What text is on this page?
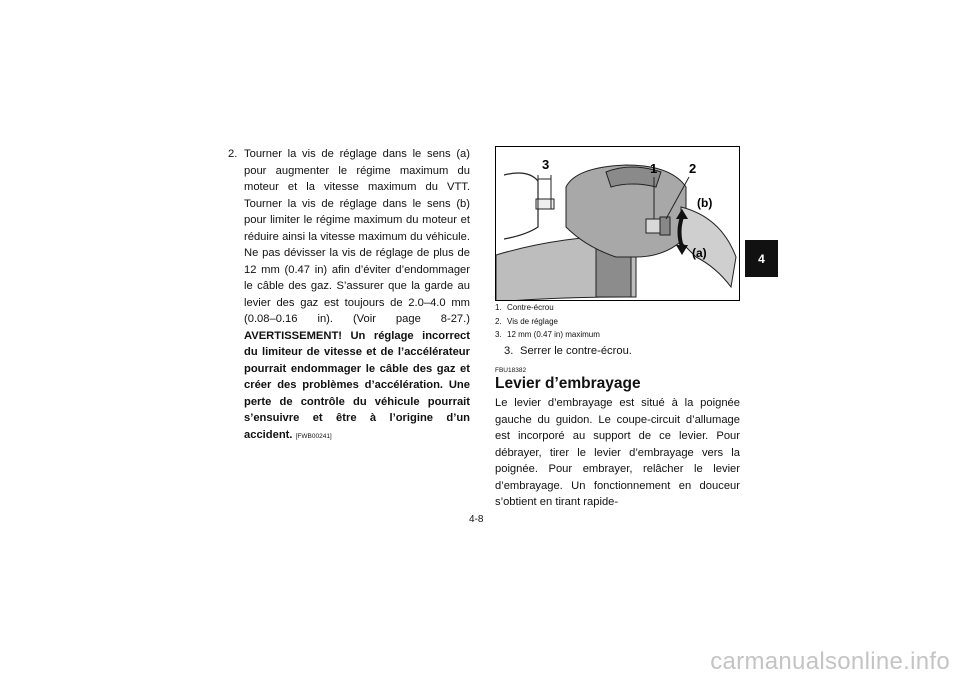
2. Tourner la vis de réglage dans le sens (a) pour augmenter le régime maximum du moteur et la vitesse maximum du VTT. Tourner la vis de réglage dans le sens (b) pour limiter le régime maximum du moteur et réduire ainsi la vitesse maximum du véhicule. Ne pas dévisser la vis de réglage de plus de 12 mm (0.47 in) afin d’éviter d’endommager le câble des gaz. S’assurer que la garde au levier des gaz est toujours de 2.0–4.0 mm (0.08–0.16 in). (Voir page 8-27.) AVERTISSEMENT! Un réglage incorrect du limiteur de vitesse et de l’accélérateur pourrait endommager le câble des gaz et créer des problèmes d’accélération. Une perte de contrôle du véhicule pourrait s’ensuivre et être à l’origine d’un accident. [FWB00241]
3	1 2
(b)
(a)
1. Contre-écrou
2. Vis de réglage
3. 12 mm (0.47 in) maximum
3. Serrer le contre-écrou.
FBU18382
Levier d’embrayage
Le levier d’embrayage est situé à la poignée gauche du guidon. Le coupe-circuit d’allumage est incorporé au support de ce levier. Pour débrayer, tirer le levier d’embrayage vers la poignée. Pour embrayer, relâcher le levier d’embrayage. Un fonctionnement en douceur s’obtient en tirant rapide-
4-8
4
carmanualsonline.info
